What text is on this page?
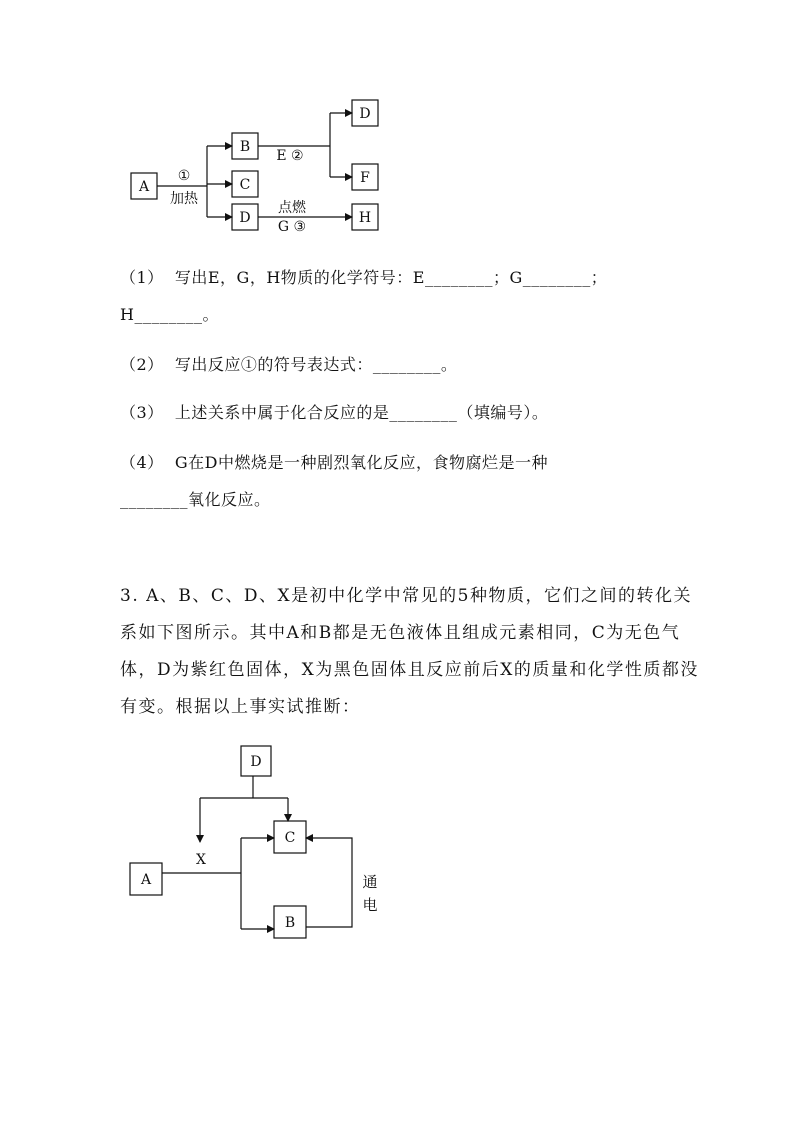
A
B
C
D
D
F
H
①
加热
E ②
点燃
G ③
（1）  写出E，G，H物质的化学符号：E________；G________；
H________。
（2）  写出反应①的符号表达式：________。
（3）  上述关系中属于化合反应的是________（填编号）。
（4）  G在D中燃烧是一种剧烈氧化反应，食物腐烂是一种
________氧化反应。
3. A、B、C、D、X是初中化学中常见的5种物质，它们之间的转化关系如下图所示。其中A和B都是无色液体且组成元素相同，C为无色气体，D为紫红色固体，X为黑色固体且反应前后X的质量和化学性质都没有变。根据以上事实试推断：
D
C
A
B
X
通
电
